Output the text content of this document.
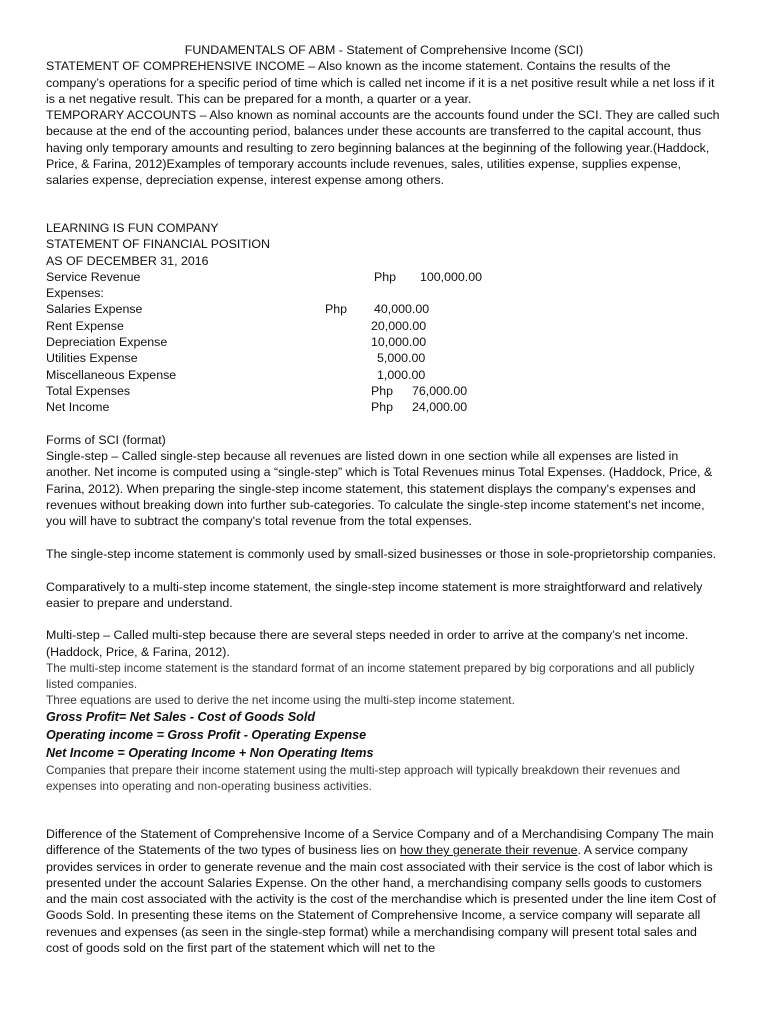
FUNDAMENTALS OF ABM - Statement of Comprehensive Income (SCI)

STATEMENT OF COMPREHENSIVE INCOME – Also known as the income statement. Contains the results of the company’s operations for a specific period of time which is called net income if it is a net positive result while a net loss if it is a net negative result. This can be prepared for a month, a quarter or a year.

TEMPORARY ACCOUNTS – Also known as nominal accounts are the accounts found under the SCI. They are called such because at the end of the accounting period, balances under these accounts are transferred to the capital account, thus having only temporary amounts and resulting to zero beginning balances at the beginning of the following year.(Haddock, Price, & Farina, 2012)Examples of temporary accounts include revenues, sales, utilities expense, supplies expense, salaries expense, depreciation expense, interest expense among others.

LEARNING IS FUN COMPANY

STATEMENT OF FINANCIAL POSITION

AS OF DECEMBER 31, 2016

Service Revenue	Php 100,000.00
Expenses:
Salaries Expense	Php 40,000.00
Rent Expense	20,000.00
Depreciation Expense	10,000.00
Utilities Expense	5,000.00
Miscellaneous Expense	1,000.00
Total Expenses	Php 76,000.00
Net Income	Php 24,000.00

Forms of SCI (format)

Single-step – Called single-step because all revenues are listed down in one section while all expenses are listed in another. Net income is computed using a “single-step” which is Total Revenues minus Total Expenses. (Haddock, Price, & Farina, 2012). When preparing the single-step income statement, this statement displays the company's expenses and revenues without breaking down into further sub-categories. To calculate the single-step income statement's net income, you will have to subtract the company's total revenue from the total expenses.

The single-step income statement is commonly used by small-sized businesses or those in sole-proprietorship companies.

Comparatively to a multi-step income statement, the single-step income statement is more straightforward and relatively easier to prepare and understand.

Multi-step – Called multi-step because there are several steps needed in order to arrive at the company’s net income. (Haddock, Price, & Farina, 2012).

The multi-step income statement is the standard format of an income statement prepared by big corporations and all publicly listed companies.

Three equations are used to derive the net income using the multi-step income statement.

Gross Profit= Net Sales - Cost of Goods Sold

Operating income = Gross Profit - Operating Expense

Net Income = Operating Income + Non Operating Items

Companies that prepare their income statement using the multi-step approach will typically breakdown their revenues and expenses into operating and non-operating business activities.

Difference of the Statement of Comprehensive Income of a Service Company and of a Merchandising Company The main difference of the Statements of the two types of business lies on how they generate their revenue. A service company provides services in order to generate revenue and the main cost associated with their service is the cost of labor which is presented under the account Salaries Expense. On the other hand, a merchandising company sells goods to customers and the main cost associated with the activity is the cost of the merchandise which is presented under the line item Cost of Goods Sold. In presenting these items on the Statement of Comprehensive Income, a service company will separate all revenues and expenses (as seen in the single-step format) while a merchandising company will present total sales and cost of goods sold on the first part of the statement which will net to the
